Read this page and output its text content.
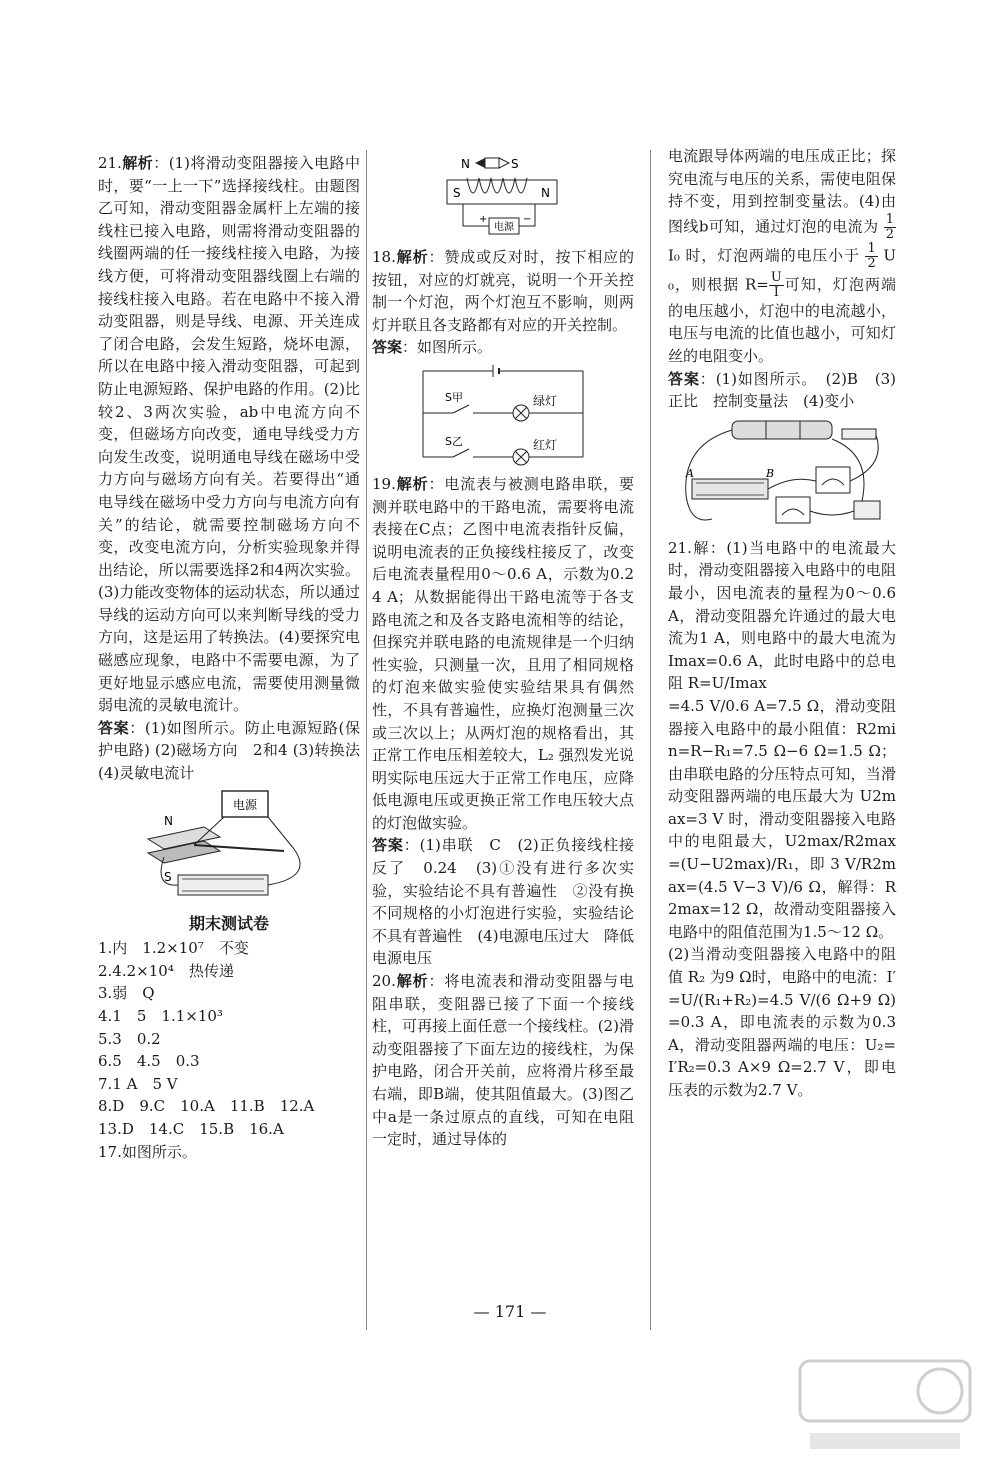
21.解析：(1)将滑动变阻器接入电路中时，要“一上一下”选择接线柱。由题图乙可知，滑动变阻器金属杆上左端的接线柱已接入电路，则需将滑动变阻器的线圈两端的任一接线柱接入电路，为接线方便，可将滑动变阻器线圈上右端的接线柱接入电路。若在电路中不接入滑动变阻器，则是导线、电源、开关连成了闭合电路，会发生短路，烧坏电源，所以在电路中接入滑动变阻器，可起到防止电源短路、保护电路的作用。(2)比较2、3两次实验，ab中电流方向不变，但磁场方向改变，通电导线受力方向发生改变，说明通电导线在磁场中受力方向与磁场方向有关。若要得出“通电导线在磁场中受力方向与电流方向有关”的结论，就需要控制磁场方向不变，改变电流方向，分析实验现象并得出结论，所以需要选择2和4两次实验。(3)力能改变物体的运动状态，所以通过导线的运动方向可以来判断导线的受力方向，这是运用了转换法。(4)要探究电磁感应现象，电路中不需要电源，为了更好地显示感应电流，需要使用测量微弱电流的灵敏电流计。

答案：(1)如图所示。防止电源短路(保护电路) (2)磁场方向　2和4 (3)转换法 (4)灵敏电流计

电源
N
S
期末测试卷

1.内　1.2×10⁷　不变

2.4.2×10⁴　热传递

3.弱　Q

4.1　5　1.1×10³

5.3　0.2

6.5　4.5　0.3

7.1 A　5 V

8.D　9.C　10.A　11.B　12.A

13.D　14.C　15.B　16.A

17.如图所示。

N	S
S	N
电源
+	−

18.解析：赞成或反对时，按下相应的按钮，对应的灯就亮，说明一个开关控制一个灯泡，两个灯泡互不影响，则两灯并联且各支路都有对应的开关控制。

答案：如图所示。

S甲	绿灯
S乙	红灯

19.解析：电流表与被测电路串联，要测并联电路中的干路电流，需要将电流表接在C点；乙图中电流表指针反偏，说明电流表的正负接线柱接反了，改变后电流表量程用0～0.6 A，示数为0.24 A；从数据能得出干路电流等于各支路电流之和及各支路电流相等的结论，但探究并联电路的电流规律是一个归纳性实验，只测量一次，且用了相同规格的灯泡来做实验使实验结果具有偶然性，不具有普遍性，应换灯泡测量三次或三次以上；从两灯泡的规格看出，其正常工作电压相差较大，L₂ 强烈发光说明实际电压远大于正常工作电压，应降低电源电压或更换正常工作电压较大点的灯泡做实验。

答案：(1)串联　C　(2)正负接线柱接反了　0.24　(3)①没有进行多次实验，实验结论不具有普遍性　②没有换不同规格的小灯泡进行实验，实验结论不具有普遍性　(4)电源电压过大　降低电源电压

20.解析：将电流表和滑动变阻器与电阻串联，变阻器已接了下面一个接线柱，可再接上面任意一个接线柱。(2)滑动变阻器接了下面左边的接线柱，为保护电路，闭合开关前，应将滑片移至最右端，即B端，使其阻值最大。(3)图乙中a是一条过原点的直线，可知在电阻一定时，通过导体的

电流跟导体两端的电压成正比；探究电流与电压的关系，需使电阻保持不变，用到控制变量法。(4)由图线b可知，通过灯泡的电流为 $\frac{1}{2}$
I₀ 时，灯泡两端的电压小于 $\frac{1}{2} U_0$，则根据 $R= \frac{U}{I}$ 可知，灯泡两端的电压越小，灯泡中的电流越小，电压与电流的比值也越小，可知灯丝的电阻变小。

答案：(1)如图所示。　(2)B　(3)正比　控制变量法　(4)变小

A	B

21.解：(1)当电路中的电流最大时，滑动变阻器接入电路中的电阻最小，因电流表的量程为0～0.6 A，滑动变阻器允许通过的最大电流为1 A，则电路中的最大电流为 Imax=0.6 A，此时电路中的总电阻 R=U/Imax

=4.5 V/0.6 A=7.5 Ω，滑动变阻器接入电路中的最小阻值：R2min=R−R₁=7.5 Ω−6 Ω=1.5 Ω；由串联电路的分压特点可知，当滑动变阻器两端的电压最大为 U2max=3 V 时，滑动变阻器接入电路中的电阻最大，U2max/R2max=(U−U2max)/R₁，即 3 V/R2max=(4.5 V−3 V)/6 Ω，解得：R2max=12 Ω，故滑动变阻器接入电路中的阻值范围为1.5～12 Ω。

(2)当滑动变阻器接入电路中的阻值 R₂ 为9 Ω时，电路中的电流：I′=U/(R₁+R₂)=4.5 V/(6 Ω+9 Ω)=0.3 A，即电流表的示数为0.3 A，滑动变阻器两端的电压：U₂=I′R₂=0.3 A×9 Ω=2.7 V，即电压表的示数为2.7 V。

— 171 —
